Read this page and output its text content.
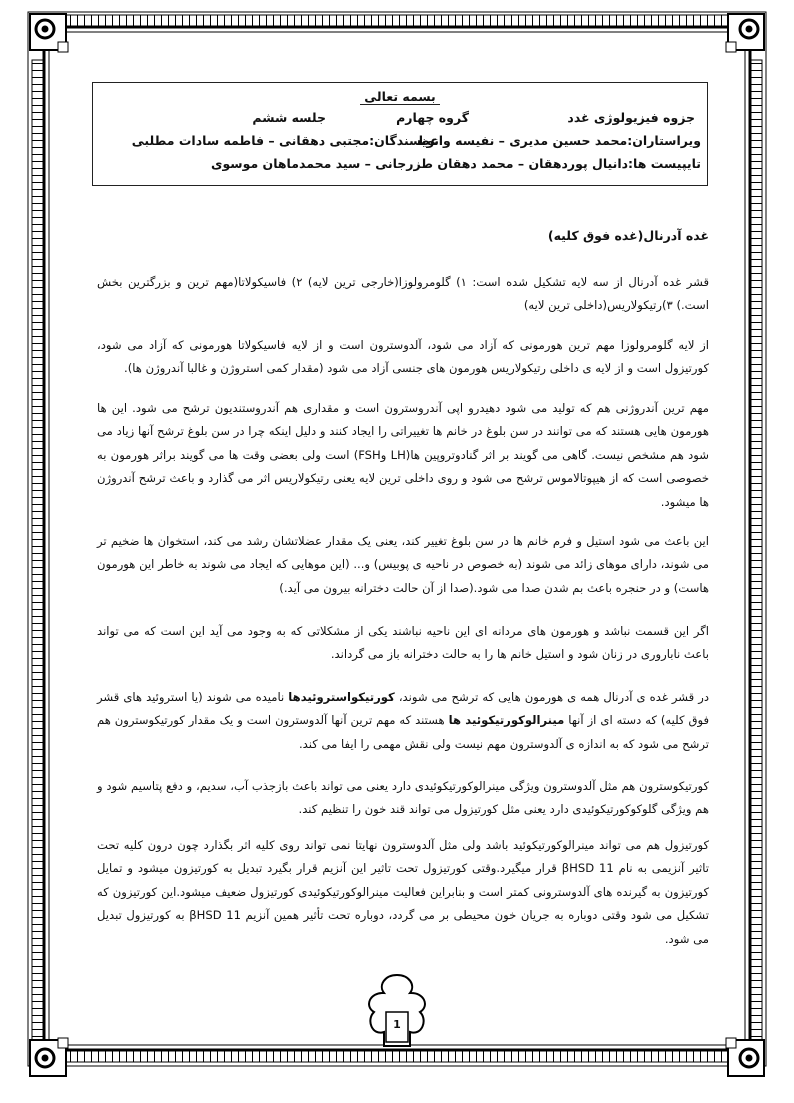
بسمه تعالی
جزوه فیزیولوژی غدد
گروه چهارم
جلسه ششم
ویراستاران:محمد حسین مدیری – نفیسه واعظ
نویسندگان:مجتبی دهقانی – فاطمه سادات مطلبی
تایپیست ها:دانیال پوردهقان – محمد دهقان طزرجانی – سید محمدماهان موسوی
غده آدرنال(غده فوق کلیه)

قشر غده آدرنال از سه لایه تشکیل شده است: ۱) گلومرولوزا(خارجی ترین لایه) ۲) فاسیکولاتا(مهم ترین و بزرگترین بخش است.) ۳)رتیکولاریس(داخلی ترین لایه)

از لایه گلومرولوزا مهم ترین هورمونی که آزاد می شود، آلدوسترون است و از لایه فاسیکولاتا هورمونی که آزاد می شود، کورتیزول است و از لایه ی داخلی رتیکولاریس هورمون های جنسی آزاد می شود (مقدار کمی استروژن و غالبا آندروژن ها).

مهم ترین آندروژنی هم که تولید می شود دهیدرو اپی آندروسترون است و مقداری هم آندروستندیون ترشح می شود. این ها هورمون هایی هستند که می توانند در سن بلوغ در خانم ها تغییراتی را ایجاد کنند و دلیل اینکه چرا در سن بلوغ ترشح آنها زیاد می شود هم مشخص نیست. گاهی می گویند بر اثر گنادوتروپین ها(LH وFSH) است ولی بعضی وقت ها می گویند براثر هورمون به خصوصی است که از هیپوتالاموس ترشح می شود و روی داخلی ترین لایه یعنی رتیکولاریس اثر می گذارد و باعث ترشح آندروژن ها میشود.

این باعث می شود استیل و فرم خانم ها در سن بلوغ تغییر کند، یعنی یک مقدار عضلاتشان رشد می کند، استخوان ها ضخیم تر می شوند، دارای موهای زائد می شوند (به خصوص در ناحیه ی پوبیس) و... (این موهایی که ایجاد می شوند به خاطر این هورمون هاست) و در حنجره باعث بم شدن صدا می شود.(صدا از آن حالت دخترانه بیرون می آید.)

اگر این قسمت نباشد و هورمون های مردانه ای این ناحیه نباشند یکی از مشکلاتی که به وجود می آید این است که می تواند باعث ناباروری در زنان شود و استیل خانم ها را به حالت دخترانه باز می گرداند.

در قشر غده ی آدرنال همه ی هورمون هایی که ترشح می شوند، کورتیکواستروئیدها نامیده می شوند (یا استروئید های قشر فوق کلیه) که دسته ای از آنها مینرالوکورتیکوئید ها هستند که مهم ترین آنها آلدوسترون است و یک مقدار کورتیکوسترون هم ترشح می شود که به اندازه ی آلدوسترون مهم نیست ولی نقش مهمی را ایفا می کند.

کورتیکوسترون هم مثل آلدوسترون ویژگی مینرالوکورتیکوئیدی دارد یعنی می تواند باعث بازجذب آب، سدیم، و دفع پتاسیم شود و هم ویژگی گلوکوکورتیکوئیدی دارد یعنی مثل کورتیزول می تواند قند خون را تنظیم کند.

کورتیزول هم می تواند مینرالوکورتیکوئید باشد ولی مثل آلدوسترون نهایتا نمی تواند روی کلیه اثر بگذارد چون درون کلیه تحت تاثیر آنزیمی به نام βHSD 11 قرار میگیرد.وقتی کورتیزول تحت تاثیر این آنزیم قرار بگیرد تبدیل به کورتیزون میشود و تمایل کورتیزون به گیرنده های آلدوسترونی کمتر است و بنابراین فعالیت مینرالوکورتیکوئیدی کورتیزول ضعیف میشود.این کورتیزون که تشکیل می شود وقتی دوباره به جریان خون محیطی بر می گردد، دوباره تحت تأثیر همین آنزیم βHSD 11 به کورتیزول تبدیل می شود.

1
